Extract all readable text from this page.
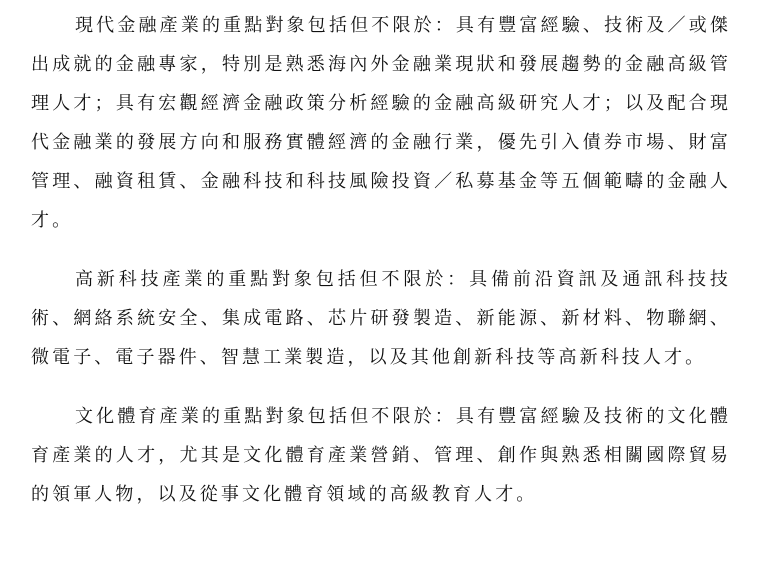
現代金融產業的重點對象包括但不限於：具有豐富經驗、技術及／或傑出成就的金融專家，特別是熟悉海內外金融業現狀和發展趨勢的金融高級管理人才；具有宏觀經濟金融政策分析經驗的金融高級研究人才；以及配合現代金融業的發展方向和服務實體經濟的金融行業，優先引入債券市場、財富管理、融資租賃、金融科技和科技風險投資／私募基金等五個範疇的金融人才。

高新科技產業的重點對象包括但不限於：具備前沿資訊及通訊科技技術、網絡系統安全、集成電路、芯片研發製造、新能源、新材料、物聯網、微電子、電子器件、智慧工業製造，以及其他創新科技等高新科技人才。

文化體育產業的重點對象包括但不限於：具有豐富經驗及技術的文化體育產業的人才，尤其是文化體育產業營銷、管理、創作與熟悉相關國際貿易的領軍人物，以及從事文化體育領域的高級教育人才。
